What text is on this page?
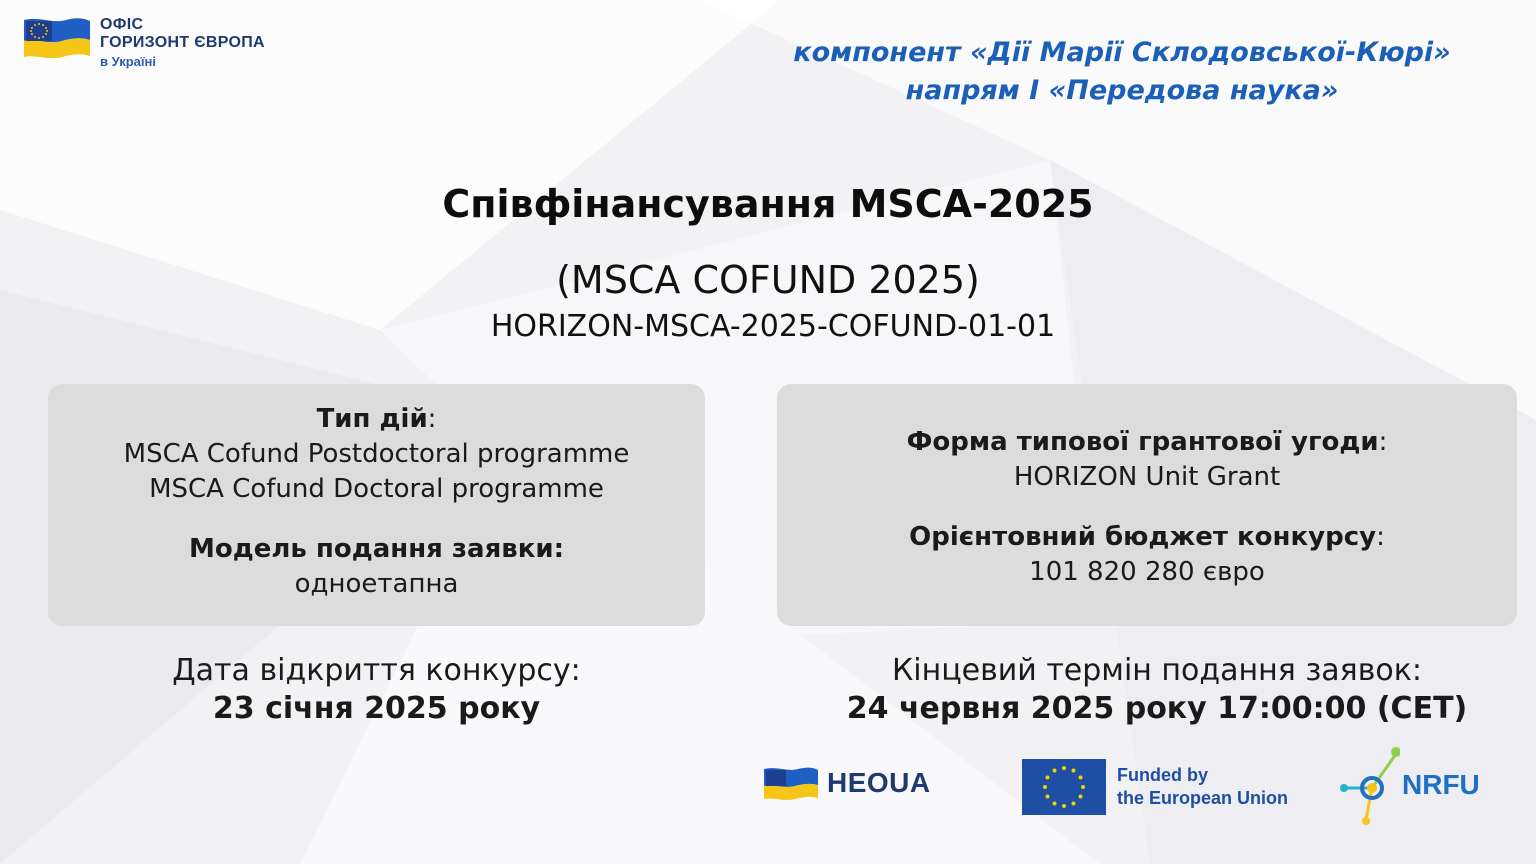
ОФІС
ГОРИЗОНТ ЄВРОПА
в Україні	компонент «Дії Марії Склодовської-Кюрі»
напрям І «Передова наука»
Співфінансування MSCA-2025
(MSCA COFUND 2025)
HORIZON-MSCA-2025-COFUND-01-01
Тип дій:
MSCA Cofund Postdoctoral programme
MSCA Cofund Doctoral programme
Модель подання заявки:
одноетапна
Форма типової грантової угоди:
HORIZON Unit Grant
Орієнтовний бюджет конкурсу:
101 820 280 євро
Дата відкриття конкурсу:
23 січня 2025 року
Кінцевий термін подання заявок:
24 червня 2025 року 17:00:00 (CET)
HEOUA	Funded by
the European Union	NRFU
